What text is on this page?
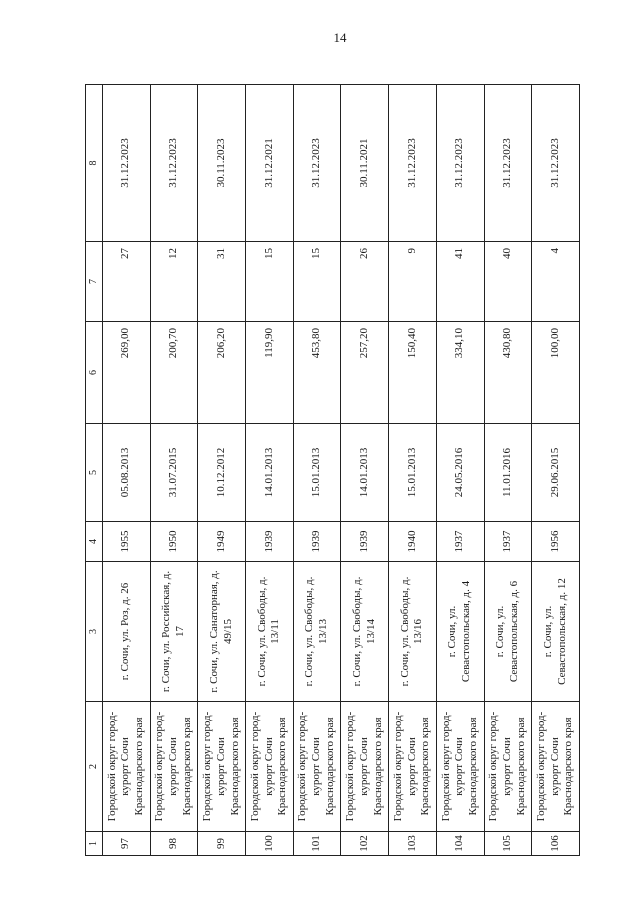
14
1	2	3	4	5	6	7	8
97	Городской округ город-курорт Сочи Краснодарского края	г. Сочи, ул. Роз, д. 26	1955	05.08.2013	269,00	27	31.12.2023
98	Городской округ город-курорт Сочи Краснодарского края	г. Сочи, ул. Российская, д. 17	1950	31.07.2015	200,70	12	31.12.2023
99	Городской округ город-курорт Сочи Краснодарского края	г. Сочи, ул. Санаторная, д. 49/15	1949	10.12.2012	206,20	31	30.11.2023
100	Городской округ город-курорт Сочи Краснодарского края	г. Сочи, ул. Свободы, д. 13/11	1939	14.01.2013	119,90	15	31.12.2021
101	Городской округ город-курорт Сочи Краснодарского края	г. Сочи, ул. Свободы, д. 13/13	1939	15.01.2013	453,80	15	31.12.2023
102	Городской округ город-курорт Сочи Краснодарского края	г. Сочи, ул. Свободы, д. 13/14	1939	14.01.2013	257,20	26	30.11.2021
103	Городской округ город-курорт Сочи Краснодарского края	г. Сочи, ул. Свободы, д. 13/16	1940	15.01.2013	150,40	9	31.12.2023
104	Городской округ город-курорт Сочи Краснодарского края	г. Сочи, ул. Севастопольская, д. 4	1937	24.05.2016	334,10	41	31.12.2023
105	Городской округ город-курорт Сочи Краснодарского края	г. Сочи, ул. Севастопольская, д. 6	1937	11.01.2016	430,80	40	31.12.2023
106	Городской округ город-курорт Сочи Краснодарского края	г. Сочи, ул. Севастопольская, д. 12	1956	29.06.2015	100,00	4	31.12.2023
